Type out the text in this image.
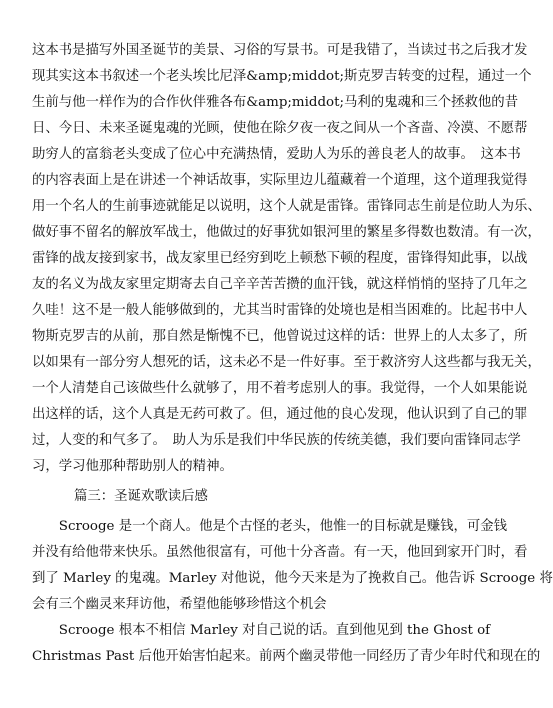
这本书是描写外国圣诞节的美景、习俗的写景书。可是我错了，当读过书之后我才发
现其实这本书叙述一个老头埃比尼泽&amp;middot;斯克罗吉转变的过程，通过一个
生前与他一样作为的合作伙伴雅各布&amp;middot;马利的鬼魂和三个拯救他的昔
日、今日、未来圣诞鬼魂的光顾，使他在除夕夜一夜之间从一个吝啬、冷漠、不愿帮
助穷人的富翁老头变成了位心中充满热情，爱助人为乐的善良老人的故事。　这本书
的内容表面上是在讲述一个神话故事，实际里边儿蕴藏着一个道理，这个道理我觉得
用一个名人的生前事迹就能足以说明，这个人就是雷锋。雷锋同志生前是位助人为乐、
做好事不留名的解放军战士，他做过的好事犹如银河里的繁星多得数也数清。有一次，
雷锋的战友接到家书，战友家里已经穷到吃上顿愁下顿的程度，雷锋得知此事，以战
友的名义为战友家里定期寄去自己辛辛苦苦攒的血汗钱，就这样悄悄的坚持了几年之
久哇！这不是一般人能够做到的，尤其当时雷锋的处境也是相当困难的。比起书中人
物斯克罗吉的从前，那自然是惭愧不已，他曾说过这样的话：世界上的人太多了，所
以如果有一部分穷人想死的话，这未必不是一件好事。至于救济穷人这些都与我无关，
一个人清楚自己该做些什么就够了，用不着考虑别人的事。我觉得，一个人如果能说
出这样的话，这个人真是无药可救了。但，通过他的良心发现，他认识到了自己的罪
过，人变的和气多了。　助人为乐是我们中华民族的传统美德，我们要向雷锋同志学
习，学习他那种帮助别人的精神。
篇三：圣诞欢歌读后感
　　Scrooge 是一个商人。他是个古怪的老头，他惟一的目标就是赚钱，可金钱
并没有给他带来快乐。虽然他很富有，可他十分吝啬。有一天，他回到家开门时，看
到了 Marley 的鬼魂。Marley 对他说，他今天来是为了挽救自己。他告诉 Scrooge 将
会有三个幽灵来拜访他，希望他能够珍惜这个机会
　　Scrooge 根本不相信 Marley 对自己说的话。直到他见到 the Ghost of
Christmas Past 后他开始害怕起来。前两个幽灵带他一同经历了青少年时代和现在的
